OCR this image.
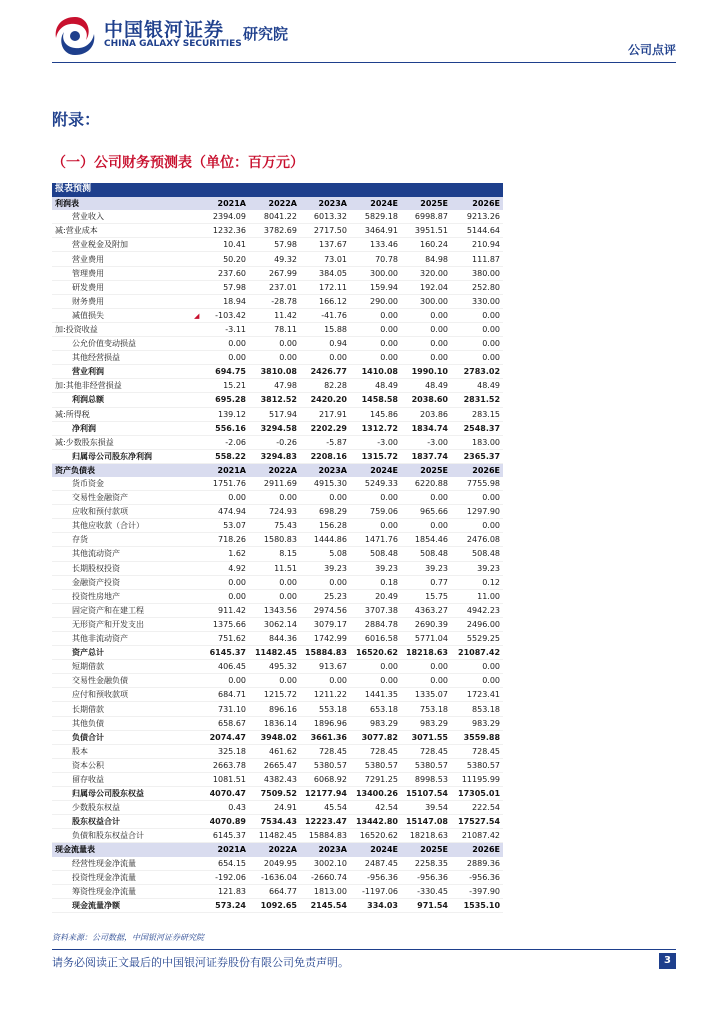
中国银河证券
CHINA GALAXY SECURITIES
研究院
公司点评
附录：
（一）公司财务预测表（单位：百万元）
◢
报表预测						
利润表	2021A	2022A	2023A	2024E	2025E	2026E
营业收入	2394.09	8041.22	6013.32	5829.18	6998.87	9213.26
减:营业成本	1232.36	3782.69	2717.50	3464.91	3951.51	5144.64
营业税金及附加	10.41	57.98	137.67	133.46	160.24	210.94
营业费用	50.20	49.32	73.01	70.78	84.98	111.87
管理费用	237.60	267.99	384.05	300.00	320.00	380.00
研发费用	57.98	237.01	172.11	159.94	192.04	252.80
财务费用	18.94	-28.78	166.12	290.00	300.00	330.00
减值损失	-103.42	11.42	-41.76	0.00	0.00	0.00
加:投资收益	-3.11	78.11	15.88	0.00	0.00	0.00
公允价值变动损益	0.00	0.00	0.94	0.00	0.00	0.00
其他经营损益	0.00	0.00	0.00	0.00	0.00	0.00
营业利润	694.75	3810.08	2426.77	1410.08	1990.10	2783.02
加:其他非经营损益	15.21	47.98	82.28	48.49	48.49	48.49
利润总额	695.28	3812.52	2420.20	1458.58	2038.60	2831.52
减:所得税	139.12	517.94	217.91	145.86	203.86	283.15
净利润	556.16	3294.58	2202.29	1312.72	1834.74	2548.37
减:少数股东损益	-2.06	-0.26	-5.87	-3.00	-3.00	183.00
归属母公司股东净利润	558.22	3294.83	2208.16	1315.72	1837.74	2365.37
资产负债表	2021A	2022A	2023A	2024E	2025E	2026E
货币资金	1751.76	2911.69	4915.30	5249.33	6220.88	7755.98
交易性金融资产	0.00	0.00	0.00	0.00	0.00	0.00
应收和预付款项	474.94	724.93	698.29	759.06	965.66	1297.90
其他应收款（合计）	53.07	75.43	156.28	0.00	0.00	0.00
存货	718.26	1580.83	1444.86	1471.76	1854.46	2476.08
其他流动资产	1.62	8.15	5.08	508.48	508.48	508.48
长期股权投资	4.92	11.51	39.23	39.23	39.23	39.23
金融资产投资	0.00	0.00	0.00	0.18	0.77	0.12
投资性房地产	0.00	0.00	25.23	20.49	15.75	11.00
固定资产和在建工程	911.42	1343.56	2974.56	3707.38	4363.27	4942.23
无形资产和开发支出	1375.66	3062.14	3079.17	2884.78	2690.39	2496.00
其他非流动资产	751.62	844.36	1742.99	6016.58	5771.04	5529.25
资产总计	6145.37	11482.45	15884.83	16520.62	18218.63	21087.42
短期借款	406.45	495.32	913.67	0.00	0.00	0.00
交易性金融负债	0.00	0.00	0.00	0.00	0.00	0.00
应付和预收款项	684.71	1215.72	1211.22	1441.35	1335.07	1723.41
长期借款	731.10	896.16	553.18	653.18	753.18	853.18
其他负债	658.67	1836.14	1896.96	983.29	983.29	983.29
负债合计	2074.47	3948.02	3661.36	3077.82	3071.55	3559.88
股本	325.18	461.62	728.45	728.45	728.45	728.45
资本公积	2663.78	2665.47	5380.57	5380.57	5380.57	5380.57
留存收益	1081.51	4382.43	6068.92	7291.25	8998.53	11195.99
归属母公司股东权益	4070.47	7509.52	12177.94	13400.26	15107.54	17305.01
少数股东权益	0.43	24.91	45.54	42.54	39.54	222.54
股东权益合计	4070.89	7534.43	12223.47	13442.80	15147.08	17527.54
负债和股东权益合计	6145.37	11482.45	15884.83	16520.62	18218.63	21087.42
现金流量表	2021A	2022A	2023A	2024E	2025E	2026E
经营性现金净流量	654.15	2049.95	3002.10	2487.45	2258.35	2889.36
投资性现金净流量	-192.06	-1636.04	-2660.74	-956.36	-956.36	-956.36
筹资性现金净流量	121.83	664.77	1813.00	-1197.06	-330.45	-397.90
现金流量净额	573.24	1092.65	2145.54	334.03	971.54	1535.10
资料来源：公司数据，中国银河证券研究院
请务必阅读正文最后的中国银河证券股份有限公司免责声明。	3
